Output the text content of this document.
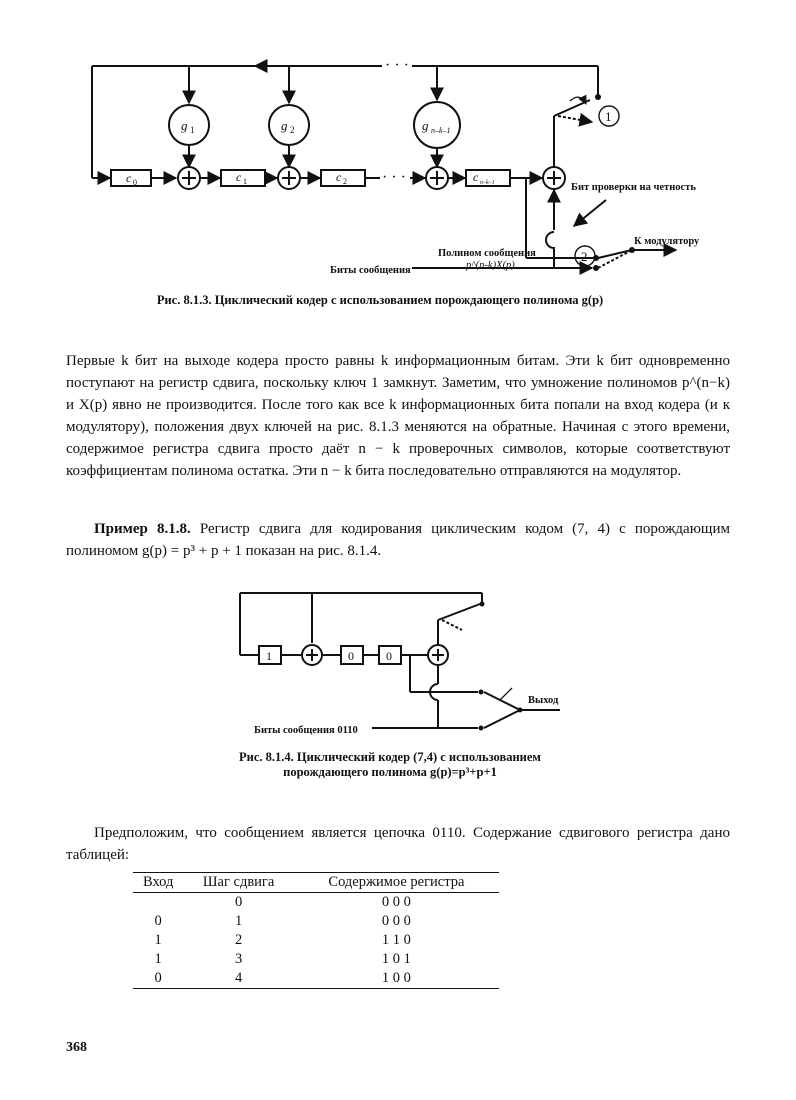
· · ·
· · ·
1
2
g 1	g 2	g n–k–1
c 0	c 1	c 2	c n–k–1	Бит проверки на четность
К модулятору
Полином сообщения
p^(n-k)X(p)
Биты сообщения
Рис. 8.1.3. Циклический кодер с использованием порождающего полинома g(p)

Первые k бит на выходе кодера просто равны k информационным битам. Эти k бит одновременно поступают на регистр сдвига, поскольку ключ 1 замкнут. Заметим, что умножение полиномов p^(n−k) и X(p) явно не производится. После того как все k информационных бита попали на вход кодера (и к модулятору), положения двух ключей на рис. 8.1.3 меняются на обратные. Начиная с этого времени, содержимое регистра сдвига просто даёт n − k проверочных символов, которые соответствуют коэффициентам полинома остатка. Эти n − k бита последовательно отправляются на модулятор.

Пример 8.1.8. Регистр сдвига для кодирования циклическим кодом (7, 4) с порождающим полиномом g(p) = p³ + p + 1 показан на рис. 8.1.4.

1	0	0
Выход
Биты сообщения 0110
Рис. 8.1.4. Циклический кодер (7,4) с использованием
порождающего полинома g(p)=p³+p+1

Предположим, что сообщением является цепочка 0110. Содержание сдвигового регистра дано таблицей:

Вход	Шаг сдвига	Содержимое регистра
	0	0 0 0
0	1	0 0 0
1	2	1 1 0
1	3	1 0 1
0	4	1 0 0
368
